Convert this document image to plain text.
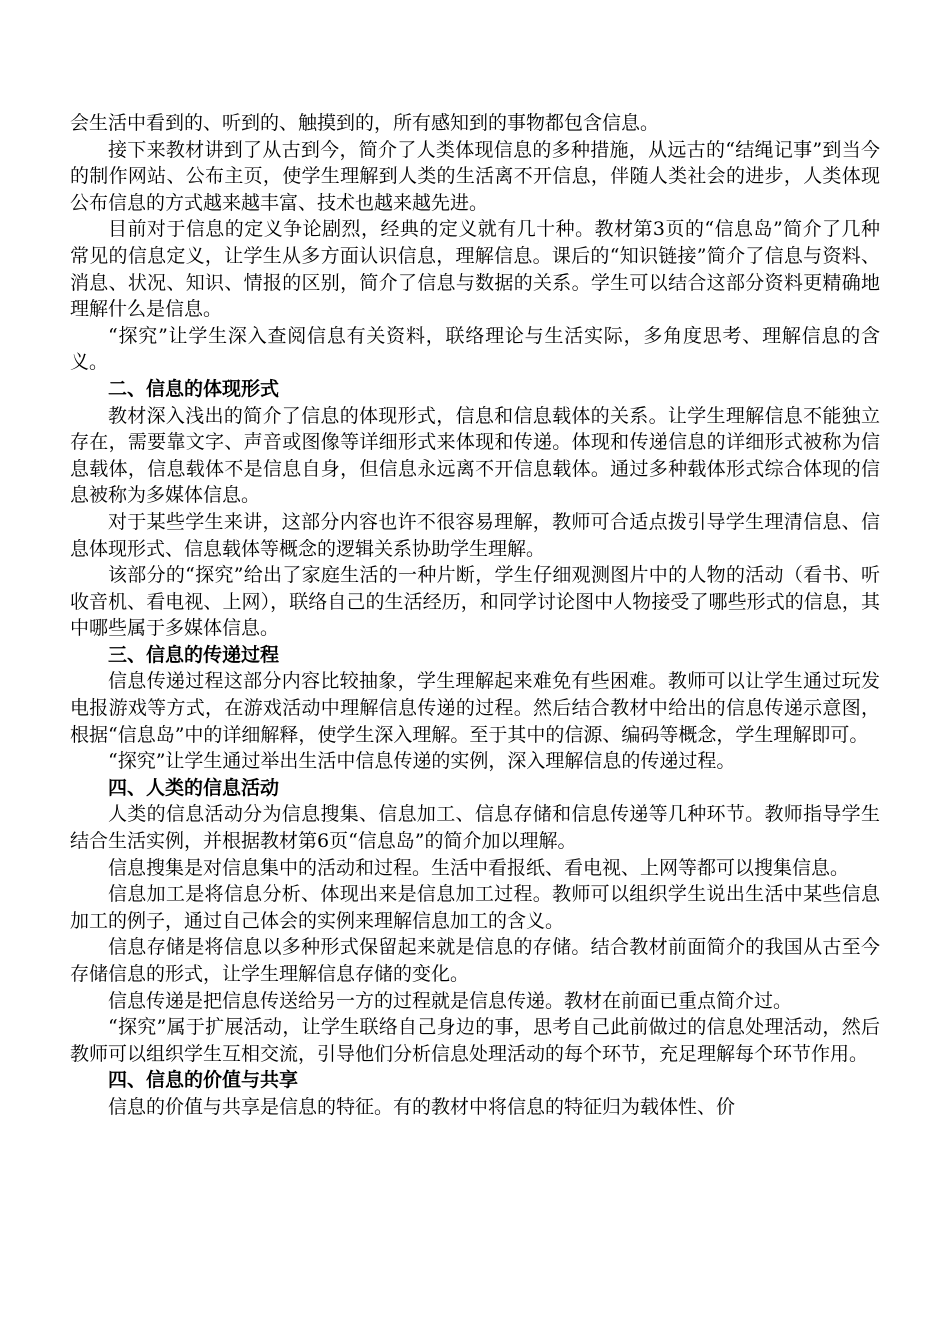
会生活中看到的、听到的、触摸到的，所有感知到的事物都包含信息。

接下来教材讲到了从古到今，简介了人类体现信息的多种措施，从远古的“结绳记事”到当今的制作网站、公布主页，使学生理解到人类的生活离不开信息，伴随人类社会的进步，人类体现公布信息的方式越来越丰富、技术也越来越先进。

目前对于信息的定义争论剧烈，经典的定义就有几十种。教材第3页的“信息岛”简介了几种常见的信息定义，让学生从多方面认识信息，理解信息。课后的“知识链接”简介了信息与资料、消息、状况、知识、情报的区别，简介了信息与数据的关系。学生可以结合这部分资料更精确地理解什么是信息。

“探究”让学生深入查阅信息有关资料，联络理论与生活实际，多角度思考、理解信息的含义。

二、信息的体现形式

教材深入浅出的简介了信息的体现形式，信息和信息载体的关系。让学生理解信息不能独立存在，需要靠文字、声音或图像等详细形式来体现和传递。体现和传递信息的详细形式被称为信息载体，信息载体不是信息自身，但信息永远离不开信息载体。通过多种载体形式综合体现的信息被称为多媒体信息。

对于某些学生来讲，这部分内容也许不很容易理解，教师可合适点拨引导学生理清信息、信息体现形式、信息载体等概念的逻辑关系协助学生理解。

该部分的“探究”给出了家庭生活的一种片断，学生仔细观测图片中的人物的活动（看书、听收音机、看电视、上网），联络自己的生活经历，和同学讨论图中人物接受了哪些形式的信息，其中哪些属于多媒体信息。

三、信息的传递过程

信息传递过程这部分内容比较抽象，学生理解起来难免有些困难。教师可以让学生通过玩发电报游戏等方式，在游戏活动中理解信息传递的过程。然后结合教材中给出的信息传递示意图，根据“信息岛”中的详细解释，使学生深入理解。至于其中的信源、编码等概念，学生理解即可。

“探究”让学生通过举出生活中信息传递的实例，深入理解信息的传递过程。

四、人类的信息活动

人类的信息活动分为信息搜集、信息加工、信息存储和信息传递等几种环节。教师指导学生结合生活实例，并根据教材第6页“信息岛”的简介加以理解。

信息搜集是对信息集中的活动和过程。生活中看报纸、看电视、上网等都可以搜集信息。

信息加工是将信息分析、体现出来是信息加工过程。教师可以组织学生说出生活中某些信息加工的例子，通过自己体会的实例来理解信息加工的含义。

信息存储是将信息以多种形式保留起来就是信息的存储。结合教材前面简介的我国从古至今存储信息的形式，让学生理解信息存储的变化。

信息传递是把信息传送给另一方的过程就是信息传递。教材在前面已重点简介过。

“探究”属于扩展活动，让学生联络自己身边的事，思考自己此前做过的信息处理活动，然后教师可以组织学生互相交流，引导他们分析信息处理活动的每个环节，充足理解每个环节作用。

四、信息的价值与共享

信息的价值与共享是信息的特征。有的教材中将信息的特征归为载体性、价
